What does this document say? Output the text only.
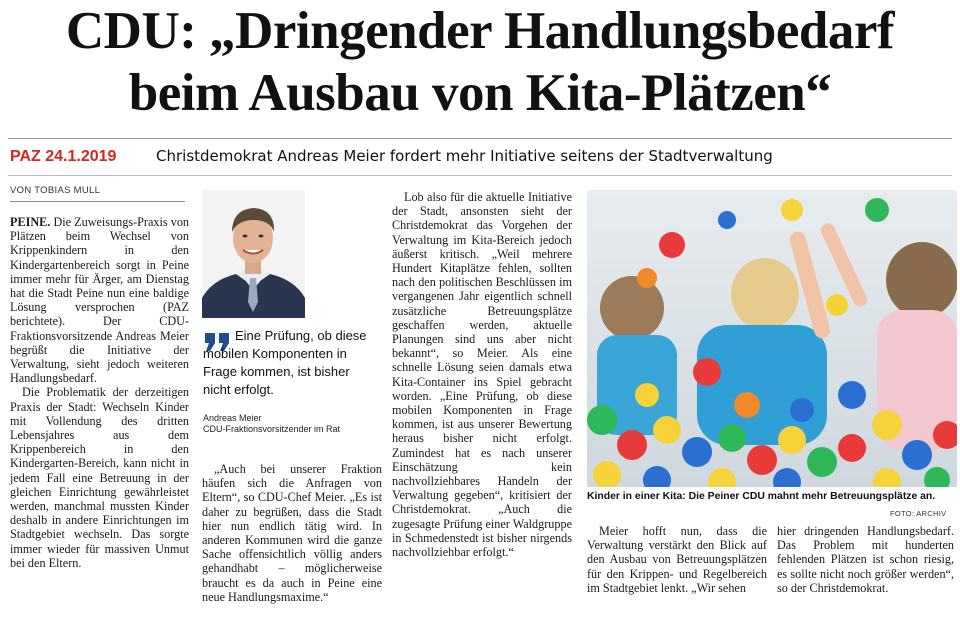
CDU: „Dringender Handlungsbedarf
beim Ausbau von Kita-Plätzen“
PAZ 24.1.2019	Christdemokrat Andreas Meier fordert mehr Initiative seitens der Stadtverwaltung
VON TOBIAS MULL

PEINE. Die Zuweisungs-Praxis von Plätzen beim Wechsel von Krippenkindern in den Kindergartenbereich sorgt in Peine immer mehr für Ärger, am Dienstag hat die Stadt Peine nun eine baldige Lösung versprochen (PAZ berichtete). Der CDU-Fraktionsvorsitzende Andreas Meier begrüßt die Initiative der Verwaltung, sieht jedoch weiteren Handlungsbedarf.

Die Problematik der derzeitigen Praxis der Stadt: Wechseln Kinder mit Vollendung des dritten Lebensjahres aus dem Krippenbereich in den Kindergarten-Bereich, kann nicht in jedem Fall eine Betreuung in der gleichen Einrichtung gewährleistet werden, manchmal mussten Kinder deshalb in andere Einrichtungen im Stadtgebiet wechseln. Das sorgte immer wieder für massiven Unmut bei den Eltern.

Eine Prüfung, ob diese mobilen Komponenten in Frage kommen, ist bisher nicht erfolgt.
Andreas Meier
CDU-Fraktionsvorsitzender im Rat

„Auch bei unserer Fraktion häufen sich die Anfragen von Eltern“, so CDU-Chef Meier. „Es ist daher zu begrüßen, dass die Stadt hier nun endlich tätig wird. In anderen Kommunen wird die ganze Sache offensichtlich völlig anders gehandhabt – möglicherweise braucht es da auch in Peine eine neue Handlungsmaxime.“

Lob also für die aktuelle Initiative der Stadt, ansonsten sieht der Christdemokrat das Vorgehen der Verwaltung im Kita-Bereich jedoch äußerst kritisch. „Weil mehrere Hundert Kitaplätze fehlen, sollten nach den politischen Beschlüssen im vergangenen Jahr eigentlich schnell zusätzliche Betreuungsplätze geschaffen werden, aktuelle Planungen sind uns aber nicht bekannt“, so Meier. Als eine schnelle Lösung seien damals etwa Kita-Container ins Spiel gebracht worden. „Eine Prüfung, ob diese mobilen Komponenten in Frage kommen, ist aus unserer Bewertung heraus bisher nicht erfolgt. Zumindest hat es nach unserer Einschätzung kein nachvollziehbares Handeln der Verwaltung gegeben“, kritisiert der Christdemokrat. „Auch die zugesagte Prüfung einer Waldgruppe in Schmedenstedt ist bisher nirgends nachvollziehbar erfolgt.“

Kinder in einer Kita: Die Peiner CDU mahnt mehr Betreuungsplätze an.
FOTO: ARCHIV

Meier hofft nun, dass die Verwaltung verstärkt den Blick auf den Ausbau von Betreuungsplätzen für den Krippen- und Regelbereich im Stadtgebiet lenkt. „Wir sehen

hier dringenden Handlungsbedarf. Das Problem mit hunderten fehlenden Plätzen ist schon riesig, es sollte nicht noch größer werden“, so der Christdemokrat.
